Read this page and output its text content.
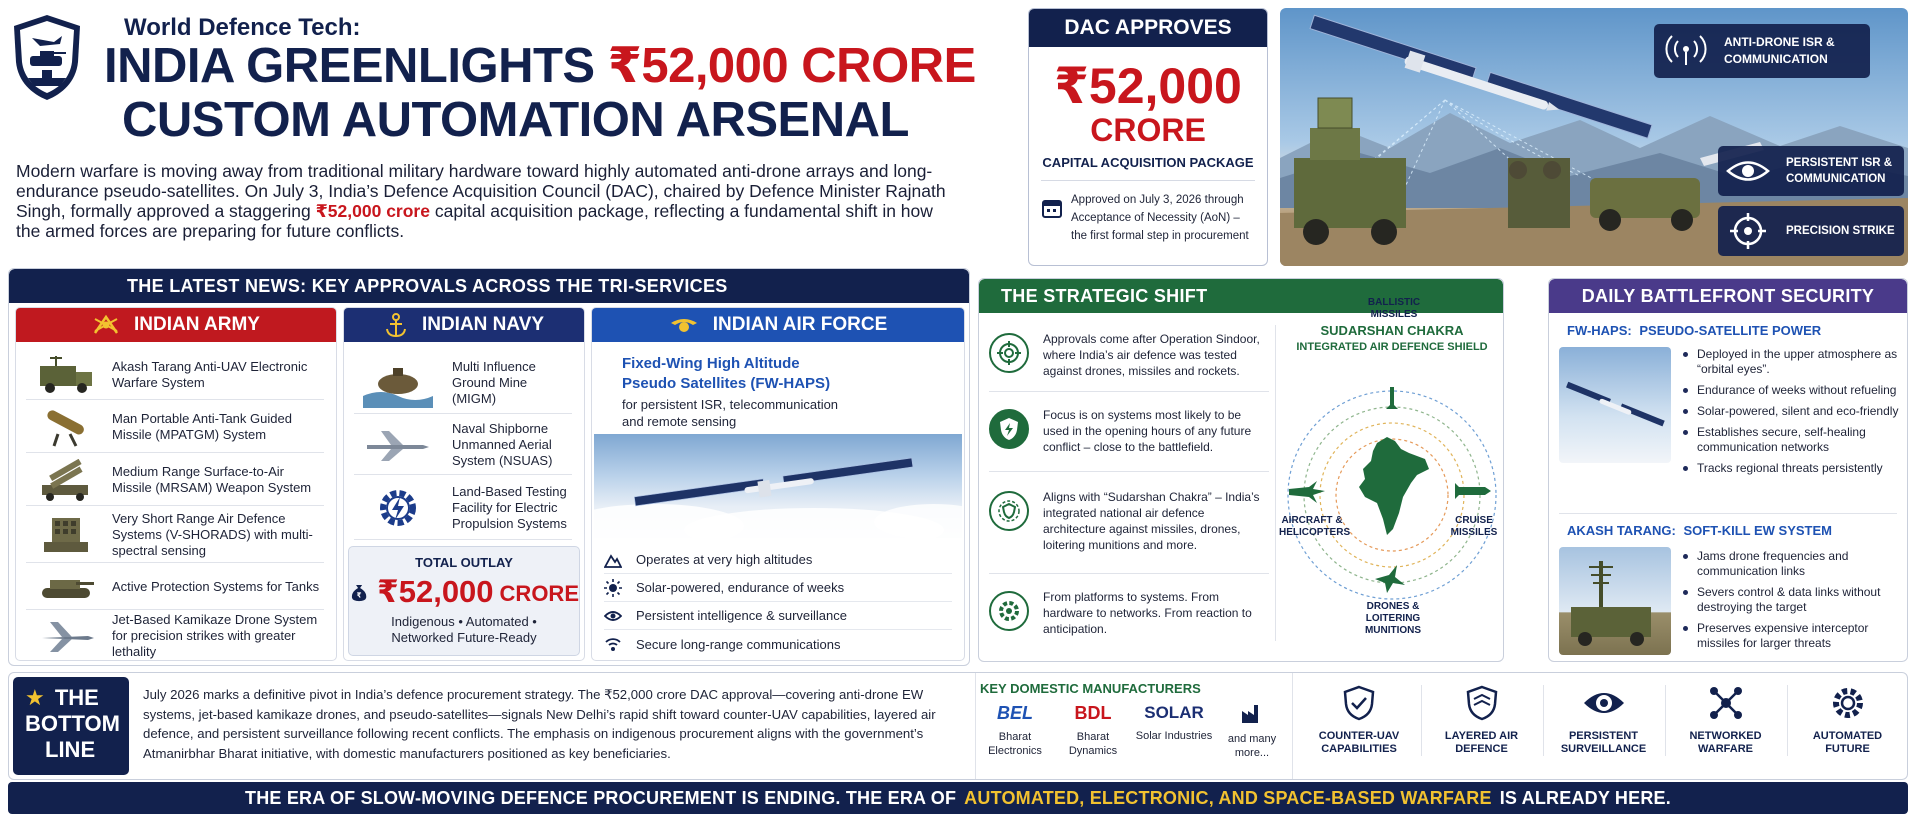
World Defence Tech:
INDIA GREENLIGHTS ₹52,000 CRORE
CUSTOM AUTOMATION ARSENAL
Modern warfare is moving away from traditional military hardware toward highly automated anti-drone arrays and long-endurance pseudo-satellites. On July 3, India’s Defence Acquisition Council (DAC), chaired by Defence Minister Rajnath Singh, formally approved a staggering ₹52,000 crore capital acquisition package, reflecting a fundamental shift in how the armed forces are preparing for future conflicts.
DAC APPROVES
₹52,000
CRORE
CAPITAL ACQUISITION PACKAGE
Approved on July 3, 2026 through Acceptance of Necessity (AoN) – the first formal step in procurement
ANTI-DRONE ISR & COMMUNICATION
PERSISTENT ISR & COMMUNICATION
PRECISION STRIKE
THE LATEST NEWS: KEY APPROVALS ACROSS THE TRI-SERVICES
INDIAN ARMY
Akash Tarang Anti-UAV Electronic Warfare System
Man Portable Anti-Tank Guided Missile (MPATGM) System
Medium Range Surface-to-Air Missile (MRSAM) Weapon System
Very Short Range Air Defence Systems (V-SHORADS) with multi-spectral sensing
Active Protection Systems for Tanks
Jet-Based Kamikaze Drone System for precision strikes with greater lethality
INDIAN NAVY
Multi Influence Ground Mine (MIGM)
Naval Shipborne Unmanned Aerial System (NSUAS)
Land-Based Testing Facility for Electric Propulsion Systems
TOTAL OUTLAY
₹ ₹52,000 CRORE
Indigenous • Automated • Networked Future-Ready
INDIAN AIR FORCE
Fixed-Wing High Altitude Pseudo Satellites (FW-HAPS)
for persistent ISR, telecommunication and remote sensing
Operates at very high altitudes
Solar-powered, endurance of weeks
Persistent intelligence & surveillance
Secure long-range communications
THE STRATEGIC SHIFT
Approvals come after Operation Sindoor, where India’s air defence was tested against drones, missiles and rockets.
Focus is on systems most likely to be used in the opening hours of any future conflict – close to the battlefield.
Aligns with “Sudarshan Chakra” – India’s integrated national air defence architecture against missiles, drones, loitering munitions and more.
From platforms to systems. From hardware to networks. From reaction to anticipation.
SUDARSHAN CHAKRA
INTEGRATED AIR DEFENCE SHIELD
BALLISTIC MISSILES
AIRCRAFT & HELICOPTERS
CRUISE MISSILES
DRONES & LOITERING MUNITIONS
DAILY BATTLEFRONT SECURITY
FW-HAPS: PSEUDO-SATELLITE POWER
Deployed in the upper atmosphere as “orbital eyes”.
Endurance of weeks without refueling
Solar-powered, silent and eco-friendly
Establishes secure, self-healing communication networks
Tracks regional threats persistently
AKASH TARANG: SOFT-KILL EW SYSTEM
Jams drone frequencies and communication links
Severs control & data links without destroying the target
Preserves expensive interceptor missiles for larger threats
★ THE
BOTTOM
LINE
July 2026 marks a definitive pivot in India’s defence procurement strategy. The ₹52,000 crore DAC approval—covering anti-drone EW systems, jet-based kamikaze drones, and pseudo-satellites—signals New Delhi’s rapid shift toward counter-UAV capabilities, layered air defence, and persistent surveillance following recent conflicts. The emphasis on indigenous procurement aligns with the government’s Atmanirbhar Bharat initiative, with domestic manufacturers positioned as key beneficiaries.
KEY DOMESTIC MANUFACTURERS
BEL
Bharat Electronics
BDL
Bharat Dynamics
SOLAR
Solar Industries	and many more...
COUNTER-UAV CAPABILITIES
LAYERED AIR DEFENCE
PERSISTENT SURVEILLANCE
NETWORKED WARFARE
AUTOMATED FUTURE
THE ERA OF SLOW-MOVING DEFENCE PROCUREMENT IS ENDING. THE ERA OF AUTOMATED, ELECTRONIC, AND SPACE-BASED WARFARE IS ALREADY HERE.
